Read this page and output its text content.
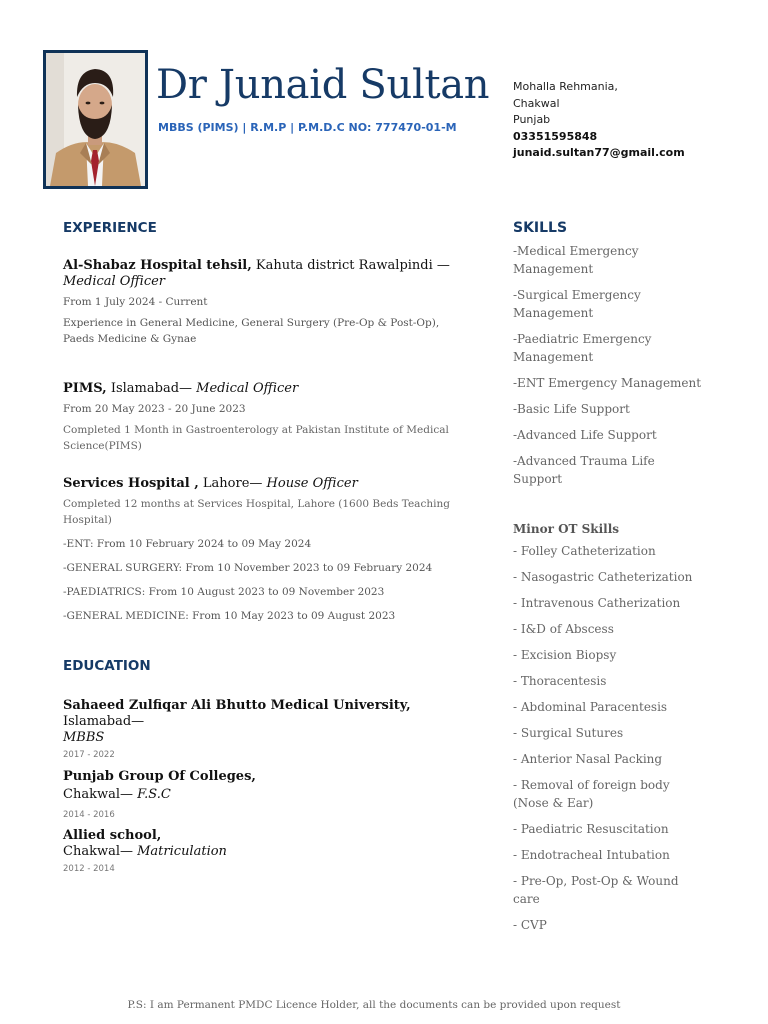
Dr Junaid Sultan
MBBS (PIMS) | R.M.P | P.M.D.C NO: 777470-01-M
Mohalla Rehmania,
Chakwal
Punjab
03351595848
junaid.sultan77@gmail.com
EXPERIENCE
Al-Shabaz Hospital tehsil, Kahuta district Rawalpindi — Medical Officer
From 1 July 2024 - Current
Experience in General Medicine, General Surgery (Pre-Op & Post-Op), Paeds Medicine & Gynae
PIMS, Islamabad— Medical Officer
From 20 May 2023 - 20 June 2023
Completed 1 Month in Gastroenterology at Pakistan Institute of Medical Science(PIMS)
Services Hospital , Lahore— House Officer
Completed 12 months at Services Hospital, Lahore (1600 Beds Teaching Hospital)
-ENT: From 10 February 2024 to 09 May 2024
-GENERAL SURGERY: From 10 November 2023 to 09 February 2024
-PAEDIATRICS: From 10 August 2023 to 09 November 2023
-GENERAL MEDICINE: From 10 May 2023 to 09 August 2023
EDUCATION
Sahaeed Zulfiqar Ali Bhutto Medical University, Islamabad—
MBBS
2017 - 2022
Punjab Group Of Colleges,
Chakwal— F.S.C
2014 - 2016
Allied school,
Chakwal— Matriculation
2012 - 2014
SKILLS
-Medical Emergency Management
-Surgical Emergency Management
-Paediatric Emergency Management
-ENT Emergency Management
-Basic Life Support
-Advanced Life Support
-Advanced Trauma Life Support
Minor OT Skills
- Folley Catheterization
- Nasogastric Catheterization
- Intravenous Catherization
- I&D of Abscess
- Excision Biopsy
- Thoracentesis
- Abdominal Paracentesis
- Surgical Sutures
- Anterior Nasal Packing
- Removal of foreign body (Nose & Ear)
- Paediatric Resuscitation
- Endotracheal Intubation
- Pre-Op, Post-Op & Wound care
- CVP
P.S: I am Permanent PMDC Licence Holder, all the documents can be provided upon request
